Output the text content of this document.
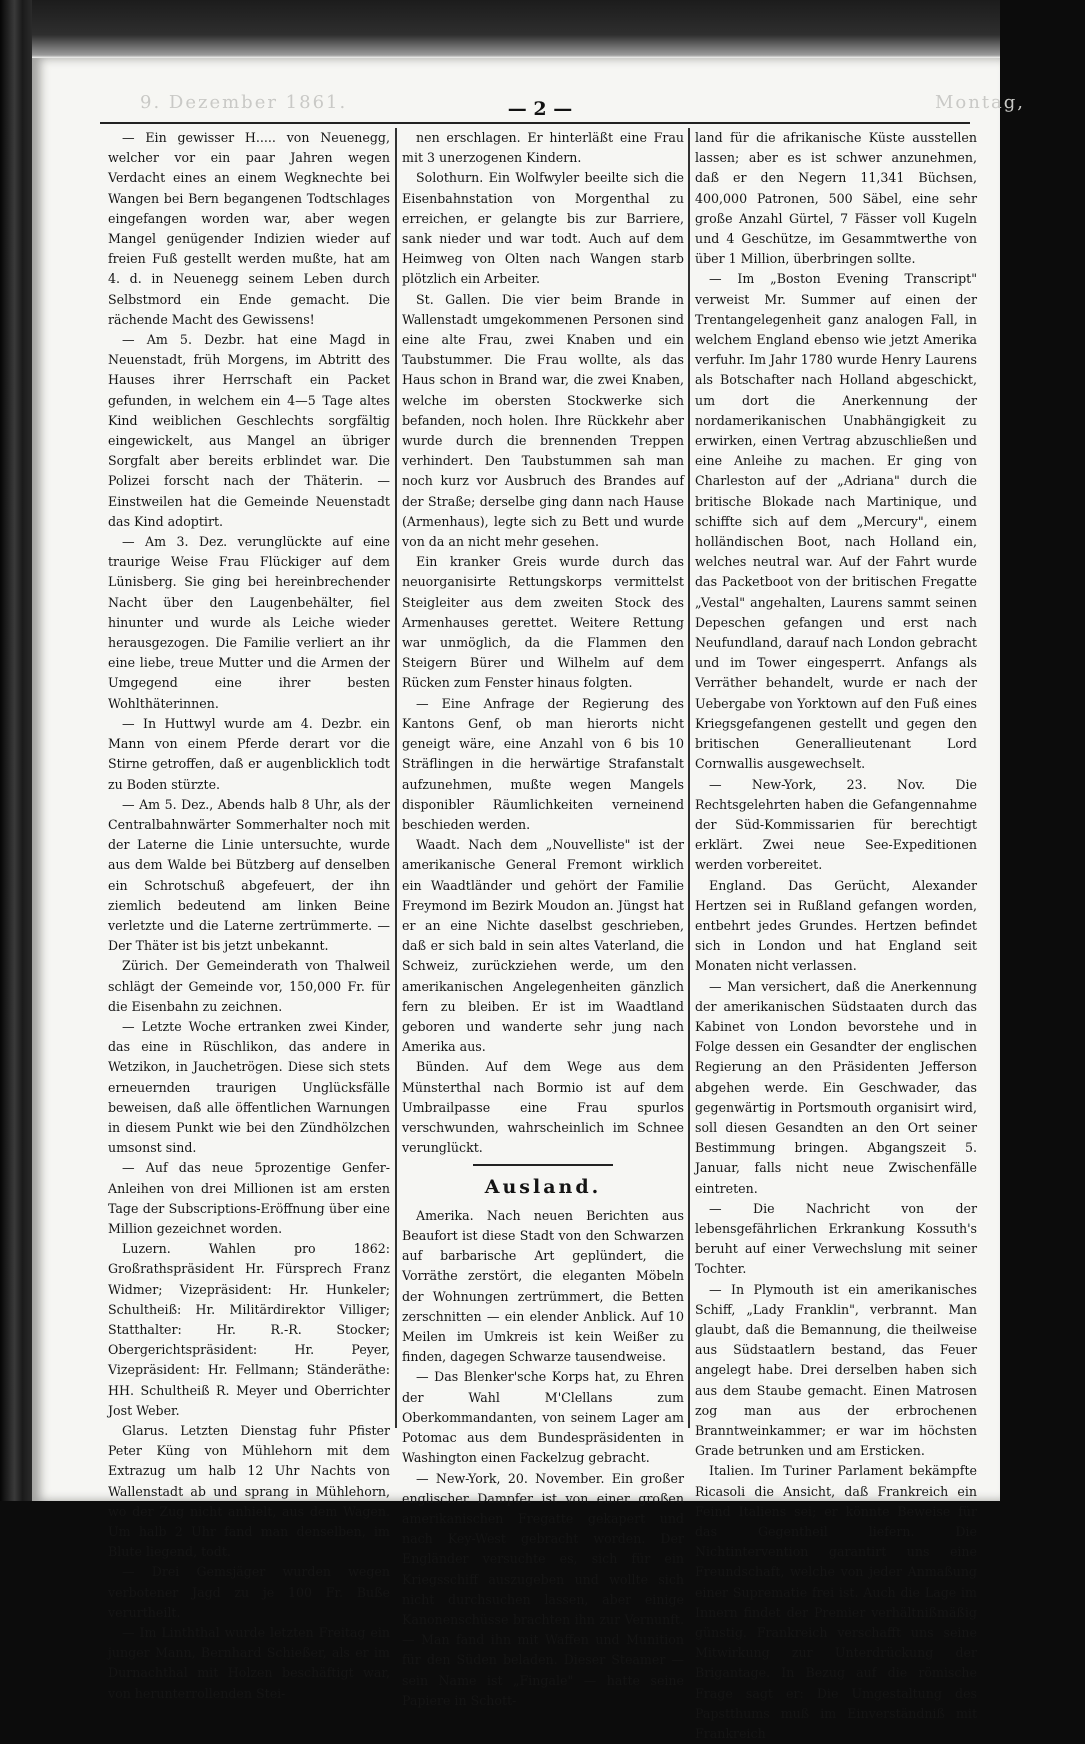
9. Dezember 1861.	Montag,
— 2 —

— Ein gewisser H..... von Neuenegg, welcher vor ein paar Jahren wegen Verdacht eines an einem Wegknechte bei Wangen bei Bern begangenen Todtschlages eingefangen worden war, aber wegen Mangel genügender Indizien wieder auf freien Fuß gestellt werden mußte, hat am 4. d. in Neuenegg seinem Leben durch Selbstmord ein Ende gemacht. Die rächende Macht des Gewissens!

— Am 5. Dezbr. hat eine Magd in Neuenstadt, früh Morgens, im Abtritt des Hauses ihrer Herrschaft ein Packet gefunden, in welchem ein 4—5 Tage altes Kind weiblichen Geschlechts sorgfältig eingewickelt, aus Mangel an übriger Sorgfalt aber bereits erblindet war. Die Polizei forscht nach der Thäterin. — Einstweilen hat die Gemeinde Neuenstadt das Kind adoptirt.

— Am 3. Dez. verunglückte auf eine traurige Weise Frau Flückiger auf dem Lünisberg. Sie ging bei hereinbrechender Nacht über den Laugenbehälter, fiel hinunter und wurde als Leiche wieder herausgezogen. Die Familie verliert an ihr eine liebe, treue Mutter und die Armen der Umgegend eine ihrer besten Wohlthäterinnen.

— In Huttwyl wurde am 4. Dezbr. ein Mann von einem Pferde derart vor die Stirne getroffen, daß er augenblicklich todt zu Boden stürzte.

— Am 5. Dez., Abends halb 8 Uhr, als der Centralbahnwärter Sommerhalter noch mit der Laterne die Linie untersuchte, wurde aus dem Walde bei Bützberg auf denselben ein Schrotschuß abgefeuert, der ihn ziemlich bedeutend am linken Beine verletzte und die Laterne zertrümmerte. — Der Thäter ist bis jetzt unbekannt.

Zürich. Der Gemeinderath von Thalweil schlägt der Gemeinde vor, 150,000 Fr. für die Eisenbahn zu zeichnen.

— Letzte Woche ertranken zwei Kinder, das eine in Rüschlikon, das andere in Wetzikon, in Jauchetrögen. Diese sich stets erneuernden traurigen Unglücksfälle beweisen, daß alle öffentlichen Warnungen in diesem Punkt wie bei den Zündhölzchen umsonst sind.

— Auf das neue 5prozentige Genfer-Anleihen von drei Millionen ist am ersten Tage der Subscriptions-Eröffnung über eine Million gezeichnet worden.

Luzern. Wahlen pro 1862: Großrathspräsident Hr. Fürsprech Franz Widmer; Vizepräsident: Hr. Hunkeler; Schultheiß: Hr. Militärdirektor Villiger; Statthalter: Hr. R.-R. Stocker; Obergerichtspräsident: Hr. Peyer, Vizepräsident: Hr. Fellmann; Ständeräthe: HH. Schultheiß R. Meyer und Oberrichter Jost Weber.

Glarus. Letzten Dienstag fuhr Pfister Peter Küng von Mühlehorn mit dem Extrazug um halb 12 Uhr Nachts von Wallenstadt ab und sprang in Mühlehorn, wo der Zug nicht anhielt, aus dem Wagen. Um halb 2 Uhr fand man denselben, im Blute liegend, todt.

— Drei Gemsjäger wurden wegen verbotener Jagd zu je 100 Fr. Buße verurtheilt.

— Im Linththal wurde letzten Freitag ein junger Mann, Bernhard Schießer, als er im Durnachthal mit Holzen beschäftigt war, von herunterrollenden Stei-

nen erschlagen. Er hinterläßt eine Frau mit 3 unerzogenen Kindern.

Solothurn. Ein Wolfwyler beeilte sich die Eisenbahnstation von Morgenthal zu erreichen, er gelangte bis zur Barriere, sank nieder und war todt. Auch auf dem Heimweg von Olten nach Wangen starb plötzlich ein Arbeiter.

St. Gallen. Die vier beim Brande in Wallenstadt umgekommenen Personen sind eine alte Frau, zwei Knaben und ein Taubstummer. Die Frau wollte, als das Haus schon in Brand war, die zwei Knaben, welche im obersten Stockwerke sich befanden, noch holen. Ihre Rückkehr aber wurde durch die brennenden Treppen verhindert. Den Taubstummen sah man noch kurz vor Ausbruch des Brandes auf der Straße; derselbe ging dann nach Hause (Armenhaus), legte sich zu Bett und wurde von da an nicht mehr gesehen.

Ein kranker Greis wurde durch das neuorganisirte Rettungskorps vermittelst Steigleiter aus dem zweiten Stock des Armenhauses gerettet. Weitere Rettung war unmöglich, da die Flammen den Steigern Bürer und Wilhelm auf dem Rücken zum Fenster hinaus folgten.

— Eine Anfrage der Regierung des Kantons Genf, ob man hierorts nicht geneigt wäre, eine Anzahl von 6 bis 10 Sträflingen in die herwärtige Strafanstalt aufzunehmen, mußte wegen Mangels disponibler Räumlichkeiten verneinend beschieden werden.

Waadt. Nach dem „Nouvelliste" ist der amerikanische General Fremont wirklich ein Waadtländer und gehört der Familie Freymond im Bezirk Moudon an. Jüngst hat er an eine Nichte daselbst geschrieben, daß er sich bald in sein altes Vaterland, die Schweiz, zurückziehen werde, um den amerikanischen Angelegenheiten gänzlich fern zu bleiben. Er ist im Waadtland geboren und wanderte sehr jung nach Amerika aus.

Bünden. Auf dem Wege aus dem Münsterthal nach Bormio ist auf dem Umbrailpasse eine Frau spurlos verschwunden, wahrscheinlich im Schnee verunglückt.

Ausland.

Amerika. Nach neuen Berichten aus Beaufort ist diese Stadt von den Schwarzen auf barbarische Art geplündert, die Vorräthe zerstört, die eleganten Möbeln der Wohnungen zertrümmert, die Betten zerschnitten — ein elender Anblick. Auf 10 Meilen im Umkreis ist kein Weißer zu finden, dagegen Schwarze tausendweise.

— Das Blenker'sche Korps hat, zu Ehren der Wahl M'Clellans zum Oberkommandanten, von seinem Lager am Potomac aus dem Bundespräsidenten in Washington einen Fackelzug gebracht.

— New-York, 20. November. Ein großer englischer Dampfer ist von einer großen amerikanischen Fregatte gekapert und nach Key-West gebracht worden. Der Engländer versuchte es, sich für ein Kriegsschiff auszugeben und wollte sich nicht durchsuchen lassen, aber einige Kanonenschüsse brachten ihn zur Vernunft. — Man fand ihn mit Waffen und Munition für den Süden beladen. Dieser Steamer — sein Name ist „Fingale" — hatte seine Papiere in Schott-

land für die afrikanische Küste ausstellen lassen; aber es ist schwer anzunehmen, daß er den Negern 11,341 Büchsen, 400,000 Patronen, 500 Säbel, eine sehr große Anzahl Gürtel, 7 Fässer voll Kugeln und 4 Geschütze, im Gesammtwerthe von über 1 Million, überbringen sollte.

— Im „Boston Evening Transcript" verweist Mr. Summer auf einen der Trentangelegenheit ganz analogen Fall, in welchem England ebenso wie jetzt Amerika verfuhr. Im Jahr 1780 wurde Henry Laurens als Botschafter nach Holland abgeschickt, um dort die Anerkennung der nordamerikanischen Unabhängigkeit zu erwirken, einen Vertrag abzuschließen und eine Anleihe zu machen. Er ging von Charleston auf der „Adriana" durch die britische Blokade nach Martinique, und schiffte sich auf dem „Mercury", einem holländischen Boot, nach Holland ein, welches neutral war. Auf der Fahrt wurde das Packetboot von der britischen Fregatte „Vestal" angehalten, Laurens sammt seinen Depeschen gefangen und erst nach Neufundland, darauf nach London gebracht und im Tower eingesperrt. Anfangs als Verräther behandelt, wurde er nach der Uebergabe von Yorktown auf den Fuß eines Kriegsgefangenen gestellt und gegen den britischen Generallieutenant Lord Cornwallis ausgewechselt.

— New-York, 23. Nov. Die Rechtsgelehrten haben die Gefangennahme der Süd-Kommissarien für berechtigt erklärt. Zwei neue See-Expeditionen werden vorbereitet.

England. Das Gerücht, Alexander Hertzen sei in Rußland gefangen worden, entbehrt jedes Grundes. Hertzen befindet sich in London und hat England seit Monaten nicht verlassen.

— Man versichert, daß die Anerkennung der amerikanischen Südstaaten durch das Kabinet von London bevorstehe und in Folge dessen ein Gesandter der englischen Regierung an den Präsidenten Jefferson abgehen werde. Ein Geschwader, das gegenwärtig in Portsmouth organisirt wird, soll diesen Gesandten an den Ort seiner Bestimmung bringen. Abgangszeit 5. Januar, falls nicht neue Zwischenfälle eintreten.

— Die Nachricht von der lebensgefährlichen Erkrankung Kossuth's beruht auf einer Verwechslung mit seiner Tochter.

— In Plymouth ist ein amerikanisches Schiff, „Lady Franklin", verbrannt. Man glaubt, daß die Bemannung, die theilweise aus Südstaatlern bestand, das Feuer angelegt habe. Drei derselben haben sich aus dem Staube gemacht. Einen Matrosen zog man aus der erbrochenen Branntweinkammer; er war im höchsten Grade betrunken und am Ersticken.

Italien. Im Turiner Parlament bekämpfte Ricasoli die Ansicht, daß Frankreich ein Feind Italiens sei; er könnte Beweise für das Gegentheil liefern. Die Nichtintervention garantirt uns eine Freundschaft, welche von jeder Anmaßung einer Suprematie frei ist. Auch die Lage im Innern findet der Premier verhältnißmäßig günstig. Frankreich verschafft uns seine Mitwirkung zur Unterdrückung der Brigantage. In Bezug auf die römische Frage sagt er: Die Umgestaltung des Papstthums muß im Einverständniß mit Frankreich
